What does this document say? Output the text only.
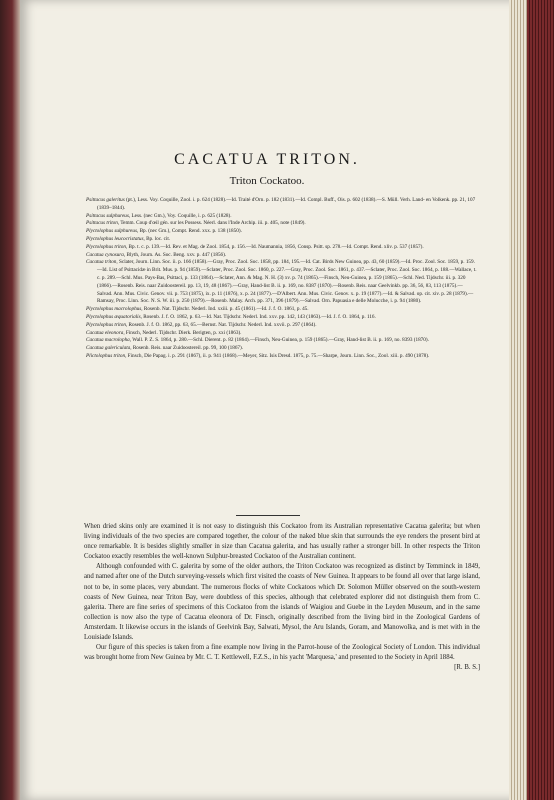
CACATUA TRITON.
Triton Cockatoo.

Psittacus galeritus (pt.), Less. Voy. Coquille, Zool. i. p. 624 (1828).—Id. Traité d'Orn. p. 182 (1831).—Id. Compl. Buff., Ois. p. 602 (1838).—S. Müll. Verh. Land- en Volkenk. pp. 21, 107 (1839–1844).

Psittacus sulphureus, Less. (nec Gm.), Voy. Coquille, i. p. 625 (1828).

Psittacus triton, Temm. Coup d'œil gén. sur les Possess. Néerl. dans l'Inde Archip. iii. p. 405, note (1849).

Plyctolophus sulphureus, Bp. (nec Gm.), Compt. Rend. xxx. p. 138 (1850).

Plyctolophus leucocristatus, Bp. loc. cit.

Plyctolophus triton, Bp. t. c. p. 139.—Id. Rev. et Mag. de Zool. 1854, p. 156.—Id. Naumannia, 1856, Consp. Psitt. sp. 278.—Id. Compt. Rend. xliv. p. 537 (1857).

Cacatua cynosura, Blyth, Journ. As. Soc. Beng. xxv. p. 447 (1856).

Cacatua triton, Sclater, Journ. Linn. Soc. ii. p. 166 (1858).—Gray, Proc. Zool. Soc. 1858, pp. 184, 195.—Id. Cat. Birds New Guinea, pp. 43, 60 (1859).—Id. Proc. Zool. Soc. 1859, p. 159.—Id. List of Psittacidæ in Brit. Mus. p. 94 (1859).—Sclater, Proc. Zool. Soc. 1860, p. 227.—Gray, Proc. Zool. Soc. 1861, p. 437.—Sclater, Proc. Zool. Soc. 1864, p. 188.—Wallace, t. c. p. 289.—Schl. Mus. Pays-Bas, Psittaci, p. 133 (1864).—Sclater, Ann. & Mag. N. H. (3) xv. p. 74 (1865).—Finsch, Neu-Guinea, p. 159 (1865).—Schl. Ned. Tijdschr. iii. p. 320 (1866).—Rosenb. Reis. naar Zuidoostereil. pp. 13, 19, 48 (1867).—Gray, Hand-list B. ii. p. 169, no. 8387 (1870).—Rosenb. Reis. naar Geelvinkb. pp. 36, 56, 83, 113 (1875).—Salvad. Ann. Mus. Civic. Genov. vii. p. 753 (1875), ix. p. 11 (1876), x. p. 24 (1877).—D'Albert. Ann. Mus. Civic. Genov. x. p. 19 (1877).—Id. & Salvad. op. cit. xiv. p. 28 (1879).—Ramsay, Proc. Linn. Soc. N. S. W. iii. p. 250 (1879).—Rosenb. Malay. Arch. pp. 371, 396 (1879).—Salvad. Orn. Papuasia e delle Molucche, i. p. 94 (1880).

Plyctolophus macrolophus, Rosenb. Nat. Tijdschr. Nederl. Ind. xxiii. p. 45 (1861).—Id. J. f. O. 1861, p. 45.

Plyctolophus æquatorialis, Rosenb. J. f. O. 1862, p. 63.—Id. Nat. Tijdschr. Nederl. Ind. xxv. pp. 142, 143 (1863).—Id. J. f. O. 1864, p. 116.

Plyctolophus triton, Rosenb. J. f. O. 1862, pp. 63, 65.—Bernst. Nat. Tijdschr. Nederl. Ind. xxvii. p. 297 (1864).

Cacatua eleonora, Finsch, Nederl. Tijdschr. Dierk. Berigten, p. xxi (1863).

Cacatua macrolopha, Wall. P. Z. S. 1864, p. 280.—Schl. Dierent. p. 82 (1864).—Finsch, Neu-Guinea, p. 159 (1865).—Gray, Hand-list B. ii. p. 169, no. 8393 (1870).

Cacatua galericulata, Rosenb. Reis. naar Zuidoostereil. pp. 99, 100 (1867).

Plictolophus triton, Finsch, Die Papag. i. p. 291 (1867), ii. p. 941 (1868).—Meyer, Sitz. Isis Dresd. 1875, p. 75.—Sharpe, Journ. Linn. Soc., Zool. xiii. p. 490 (1878).

When dried skins only are examined it is not easy to distinguish this Cockatoo from its Australian representative Cacatua galerita; but when living individuals of the two species are compared together, the colour of the naked blue skin that surrounds the eye renders the present bird at once remarkable. It is besides slightly smaller in size than Cacatua galerita, and has usually rather a stronger bill. In other respects the Triton Cockatoo exactly resembles the well-known Sulphur-breasted Cockatoo of the Australian continent.

Although confounded with C. galerita by some of the older authors, the Triton Cockatoo was recognized as distinct by Temminck in 1849, and named after one of the Dutch surveying-vessels which first visited the coasts of New Guinea. It appears to be found all over that large island, not to be, in some places, very abundant. The numerous flocks of white Cockatoos which Dr. Solomon Müller observed on the south-western coasts of New Guinea, near Triton Bay, were doubtless of this species, although that celebrated explorer did not distinguish them from C. galerita. There are fine series of specimens of this Cockatoo from the islands of Waigiou and Guebe in the Leyden Museum, and in the same collection is now also the type of Cacatua eleonora of Dr. Finsch, originally described from the living bird in the Zoological Gardens of Amsterdam. It likewise occurs in the islands of Geelvink Bay, Salwati, Mysol, the Aru Islands, Goram, and Manowolka, and is met with in the Louisiade Islands.

Our figure of this species is taken from a fine example now living in the Parrot-house of the Zoological Society of London. This individual was brought home from New Guinea by Mr. C. T. Kettlewell, F.Z.S., in his yacht 'Marquesa,' and presented to the Society in April 1884.

[R. B. S.]
